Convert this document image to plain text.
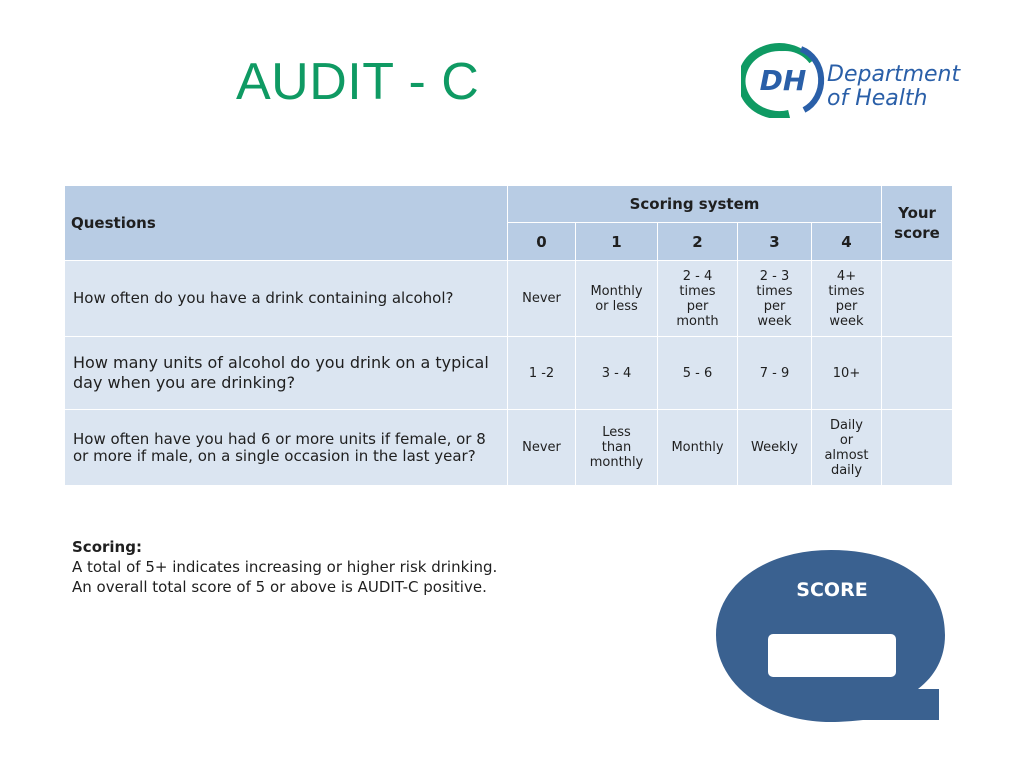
AUDIT - C	DH Department
of Health
Questions	Scoring system					Your
score
	0	1	2	3	4	
How often do you have a drink containing alcohol?	Never	Monthly
or less	2 - 4
times
per
month	2 - 3
times
per
week	4+
times
per
week	
How many units of alcohol do you drink on a typical day when you are drinking?	1 -2	3 - 4	5 - 6	7 - 9	10+	
How often have you had 6 or more units if female, or 8 or more if male, on a single occasion in the last year?	Never	Less
than
monthly	Monthly	Weekly	Daily
or
almost
daily	
Scoring:
A total of 5+ indicates increasing or higher risk drinking.
An overall total score of 5 or above is AUDIT-C positive.	SCORE
